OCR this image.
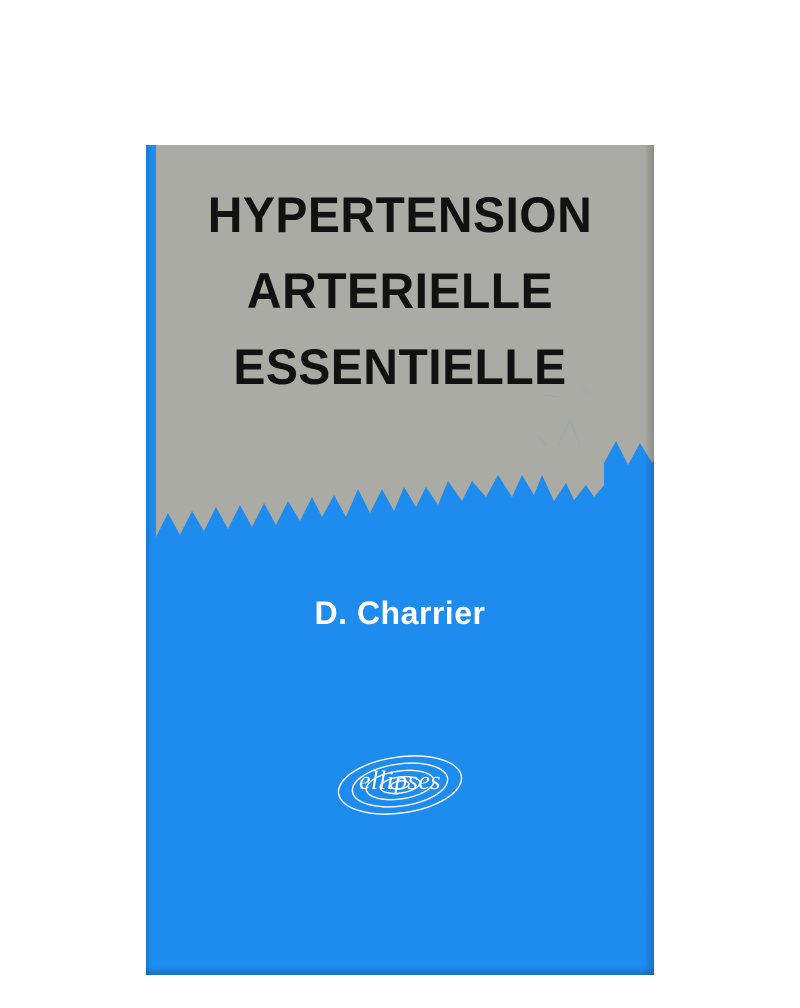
HYPERTENSION
ARTERIELLE
ESSENTIELLE
D. Charrier
ellipses
